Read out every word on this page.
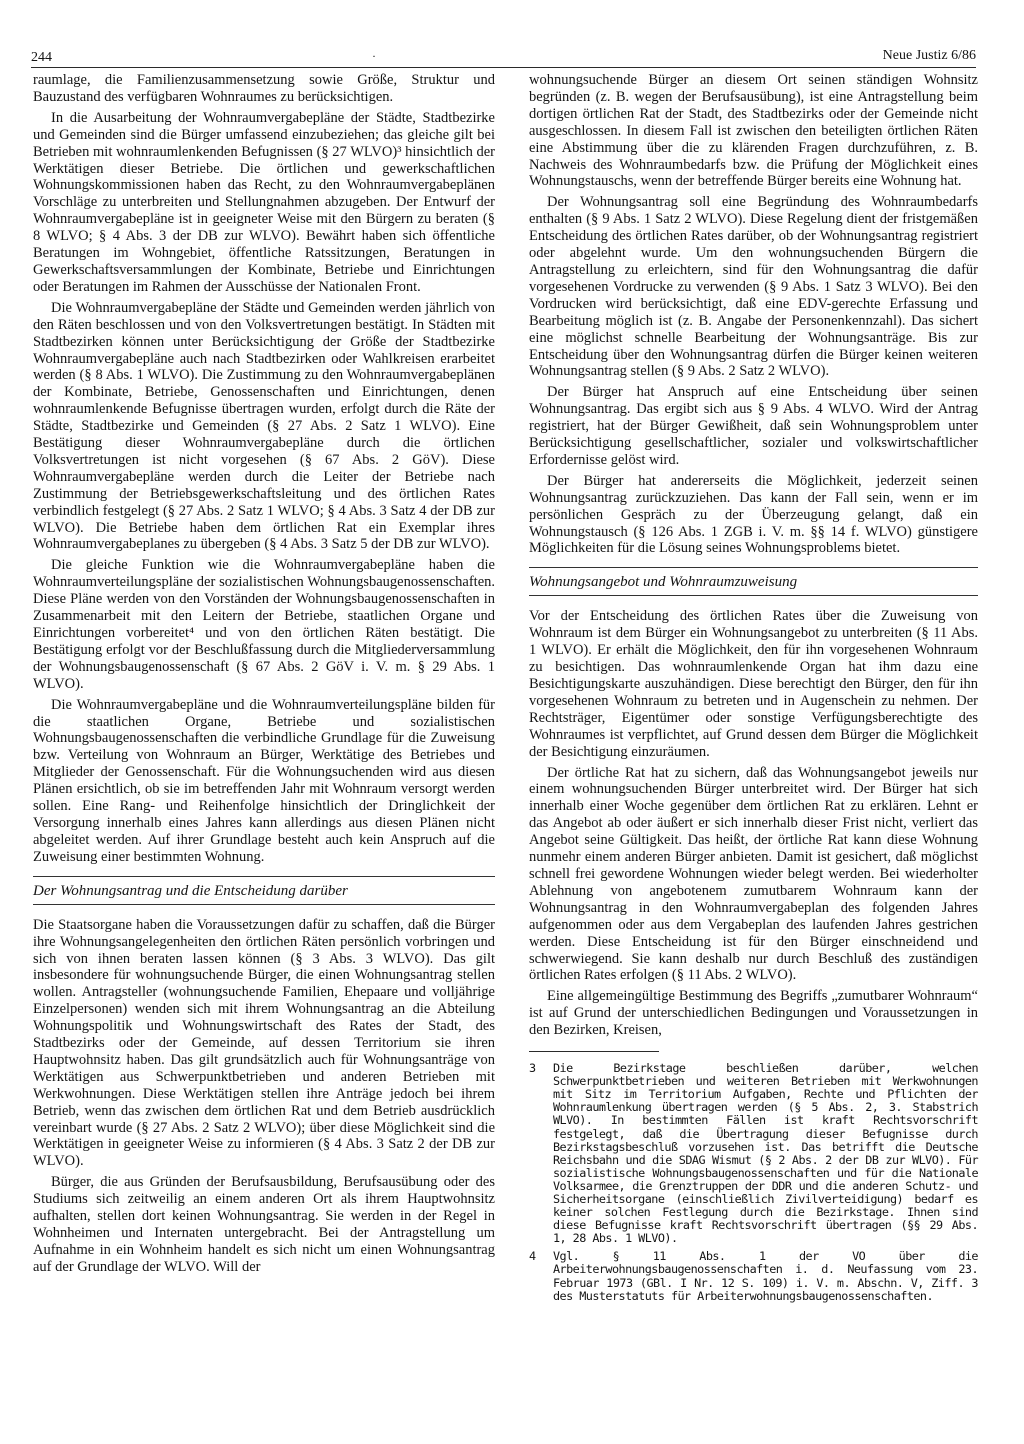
244	·	Neue Justiz 6/86

raumlage, die Familienzusammensetzung sowie Größe, Struktur und Bauzustand des verfügbaren Wohnraumes zu berücksichtigen.

In die Ausarbeitung der Wohnraumvergabepläne der Städte, Stadtbezirke und Gemeinden sind die Bürger umfassend einzubeziehen; das gleiche gilt bei Betrieben mit wohnraumlenkenden Befugnissen (§ 27 WLVO)³ hinsichtlich der Werktätigen dieser Betriebe. Die örtlichen und gewerkschaftlichen Wohnungskommissionen haben das Recht, zu den Wohnraumvergabeplänen Vorschläge zu unterbreiten und Stellungnahmen abzugeben. Der Entwurf der Wohnraumvergabepläne ist in geeigneter Weise mit den Bürgern zu beraten (§ 8 WLVO; § 4 Abs. 3 der DB zur WLVO). Bewährt haben sich öffentliche Beratungen im Wohngebiet, öffentliche Ratssitzungen, Beratungen in Gewerkschaftsversammlungen der Kombinate, Betriebe und Einrichtungen oder Beratungen im Rahmen der Ausschüsse der Nationalen Front.

Die Wohnraumvergabepläne der Städte und Gemeinden werden jährlich von den Räten beschlossen und von den Volksvertretungen bestätigt. In Städten mit Stadtbezirken können unter Berücksichtigung der Größe der Stadtbezirke Wohnraumvergabepläne auch nach Stadtbezirken oder Wahlkreisen erarbeitet werden (§ 8 Abs. 1 WLVO). Die Zustimmung zu den Wohnraumvergabeplänen der Kombinate, Betriebe, Genossenschaften und Einrichtungen, denen wohnraumlenkende Befugnisse übertragen wurden, erfolgt durch die Räte der Städte, Stadtbezirke und Gemeinden (§ 27 Abs. 2 Satz 1 WLVO). Eine Bestätigung dieser Wohnraumvergabepläne durch die örtlichen Volksvertretungen ist nicht vorgesehen (§ 67 Abs. 2 GöV). Diese Wohnraumvergabepläne werden durch die Leiter der Betriebe nach Zustimmung der Betriebsgewerkschaftsleitung und des örtlichen Rates verbindlich festgelegt (§ 27 Abs. 2 Satz 1 WLVO; § 4 Abs. 3 Satz 4 der DB zur WLVO). Die Betriebe haben dem örtlichen Rat ein Exemplar ihres Wohnraumvergabeplanes zu übergeben (§ 4 Abs. 3 Satz 5 der DB zur WLVO).

Die gleiche Funktion wie die Wohnraumvergabepläne haben die Wohnraumverteilungspläne der sozialistischen Wohnungsbaugenossenschaften. Diese Pläne werden von den Vorständen der Wohnungsbaugenossenschaften in Zusammenarbeit mit den Leitern der Betriebe, staatlichen Organe und Einrichtungen vorbereitet⁴ und von den örtlichen Räten bestätigt. Die Bestätigung erfolgt vor der Beschlußfassung durch die Mitgliederversammlung der Wohnungsbaugenossenschaft (§ 67 Abs. 2 GöV i. V. m. § 29 Abs. 1 WLVO).

Die Wohnraumvergabepläne und die Wohnraumverteilungspläne bilden für die staatlichen Organe, Betriebe und sozialistischen Wohnungsbaugenossenschaften die verbindliche Grundlage für die Zuweisung bzw. Verteilung von Wohnraum an Bürger, Werktätige des Betriebes und Mitglieder der Genossenschaft. Für die Wohnungsuchenden wird aus diesen Plänen ersichtlich, ob sie im betreffenden Jahr mit Wohnraum versorgt werden sollen. Eine Rang- und Reihenfolge hinsichtlich der Dringlichkeit der Versorgung innerhalb eines Jahres kann allerdings aus diesen Plänen nicht abgeleitet werden. Auf ihrer Grundlage besteht auch kein Anspruch auf die Zuweisung einer bestimmten Wohnung.

Der Wohnungsantrag und die Entscheidung darüber

Die Staatsorgane haben die Voraussetzungen dafür zu schaffen, daß die Bürger ihre Wohnungsangelegenheiten den örtlichen Räten persönlich vorbringen und sich von ihnen beraten lassen können (§ 3 Abs. 3 WLVO). Das gilt insbesondere für wohnungsuchende Bürger, die einen Wohnungsantrag stellen wollen. Antragsteller (wohnungsuchende Familien, Ehepaare und volljährige Einzelpersonen) wenden sich mit ihrem Wohnungsantrag an die Abteilung Wohnungspolitik und Wohnungswirtschaft des Rates der Stadt, des Stadtbezirks oder der Gemeinde, auf dessen Territorium sie ihren Hauptwohnsitz haben. Das gilt grundsätzlich auch für Wohnungsanträge von Werktätigen aus Schwerpunktbetrieben und anderen Betrieben mit Werkwohnungen. Diese Werktätigen stellen ihre Anträge jedoch bei ihrem Betrieb, wenn das zwischen dem örtlichen Rat und dem Betrieb ausdrücklich vereinbart wurde (§ 27 Abs. 2 Satz 2 WLVO); über diese Möglichkeit sind die Werktätigen in geeigneter Weise zu informieren (§ 4 Abs. 3 Satz 2 der DB zur WLVO).

Bürger, die aus Gründen der Berufsausbildung, Berufsausübung oder des Studiums sich zeitweilig an einem anderen Ort als ihrem Hauptwohnsitz aufhalten, stellen dort keinen Wohnungsantrag. Sie werden in der Regel in Wohnheimen und Internaten untergebracht. Bei der Antragstellung um Aufnahme in ein Wohnheim handelt es sich nicht um einen Wohnungsantrag auf der Grundlage der WLVO. Will der

wohnungsuchende Bürger an diesem Ort seinen ständigen Wohnsitz begründen (z. B. wegen der Berufsausübung), ist eine Antragstellung beim dortigen örtlichen Rat der Stadt, des Stadtbezirks oder der Gemeinde nicht ausgeschlossen. In diesem Fall ist zwischen den beteiligten örtlichen Räten eine Abstimmung über die zu klärenden Fragen durchzuführen, z. B. Nachweis des Wohnraumbedarfs bzw. die Prüfung der Möglichkeit eines Wohnungstauschs, wenn der betreffende Bürger bereits eine Wohnung hat.

Der Wohnungsantrag soll eine Begründung des Wohnraumbedarfs enthalten (§ 9 Abs. 1 Satz 2 WLVO). Diese Regelung dient der fristgemäßen Entscheidung des örtlichen Rates darüber, ob der Wohnungsantrag registriert oder abgelehnt wurde. Um den wohnungsuchenden Bürgern die Antragstellung zu erleichtern, sind für den Wohnungsantrag die dafür vorgesehenen Vordrucke zu verwenden (§ 9 Abs. 1 Satz 3 WLVO). Bei den Vordrucken wird berücksichtigt, daß eine EDV-gerechte Erfassung und Bearbeitung möglich ist (z. B. Angabe der Personenkennzahl). Das sichert eine möglichst schnelle Bearbeitung der Wohnungsanträge. Bis zur Entscheidung über den Wohnungsantrag dürfen die Bürger keinen weiteren Wohnungsantrag stellen (§ 9 Abs. 2 Satz 2 WLVO).

Der Bürger hat Anspruch auf eine Entscheidung über seinen Wohnungsantrag. Das ergibt sich aus § 9 Abs. 4 WLVO. Wird der Antrag registriert, hat der Bürger Gewißheit, daß sein Wohnungsproblem unter Berücksichtigung gesellschaftlicher, sozialer und volkswirtschaftlicher Erfordernisse gelöst wird.

Der Bürger hat andererseits die Möglichkeit, jederzeit seinen Wohnungsantrag zurückzuziehen. Das kann der Fall sein, wenn er im persönlichen Gespräch zu der Überzeugung gelangt, daß ein Wohnungstausch (§ 126 Abs. 1 ZGB i. V. m. §§ 14 f. WLVO) günstigere Möglichkeiten für die Lösung seines Wohnungsproblems bietet.

Wohnungsangebot und Wohnraumzuweisung

Vor der Entscheidung des örtlichen Rates über die Zuweisung von Wohnraum ist dem Bürger ein Wohnungsangebot zu unterbreiten (§ 11 Abs. 1 WLVO). Er erhält die Möglichkeit, den für ihn vorgesehenen Wohnraum zu besichtigen. Das wohnraumlenkende Organ hat ihm dazu eine Besichtigungskarte auszuhändigen. Diese berechtigt den Bürger, den für ihn vorgesehenen Wohnraum zu betreten und in Augenschein zu nehmen. Der Rechtsträger, Eigentümer oder sonstige Verfügungsberechtigte des Wohnraumes ist verpflichtet, auf Grund dessen dem Bürger die Möglichkeit der Besichtigung einzuräumen.

Der örtliche Rat hat zu sichern, daß das Wohnungsangebot jeweils nur einem wohnungsuchenden Bürger unterbreitet wird. Der Bürger hat sich innerhalb einer Woche gegenüber dem örtlichen Rat zu erklären. Lehnt er das Angebot ab oder äußert er sich innerhalb dieser Frist nicht, verliert das Angebot seine Gültigkeit. Das heißt, der örtliche Rat kann diese Wohnung nunmehr einem anderen Bürger anbieten. Damit ist gesichert, daß möglichst schnell frei gewordene Wohnungen wieder belegt werden. Bei wiederholter Ablehnung von angebotenem zumutbarem Wohnraum kann der Wohnungsantrag in den Wohnraumvergabeplan des folgenden Jahres aufgenommen oder aus dem Vergabeplan des laufenden Jahres gestrichen werden. Diese Entscheidung ist für den Bürger einschneidend und schwerwiegend. Sie kann deshalb nur durch Beschluß des zuständigen örtlichen Rates erfolgen (§ 11 Abs. 2 WLVO).

Eine allgemeingültige Bestimmung des Begriffs „zumutbarer Wohnraum“ ist auf Grund der unterschiedlichen Bedingungen und Voraussetzungen in den Bezirken, Kreisen,

3	Die Bezirkstage beschließen darüber, welchen Schwerpunktbetrieben und weiteren Betrieben mit Werkwohnungen mit Sitz im Territorium Aufgaben, Rechte und Pflichten der Wohnraumlenkung übertragen werden (§ 5 Abs. 2, 3. Stabstrich WLVO). In bestimmten Fällen ist kraft Rechtsvorschrift festgelegt, daß die Übertragung dieser Befugnisse durch Bezirkstagsbeschluß vorzusehen ist. Das betrifft die Deutsche Reichsbahn und die SDAG Wismut (§ 2 Abs. 2 der DB zur WLVO). Für sozialistische Wohnungsbaugenossenschaften und für die Nationale Volksarmee, die Grenztruppen der DDR und die anderen Schutz- und Sicherheitsorgane (einschließlich Zivilverteidigung) bedarf es keiner solchen Festlegung durch die Bezirkstage. Ihnen sind diese Befugnisse kraft Rechtsvorschrift übertragen (§§ 29 Abs. 1, 28 Abs. 1 WLVO).
4	Vgl. § 11 Abs. 1 der VO über die Arbeiterwohnungsbaugenossenschaften i. d. Neufassung vom 23. Februar 1973 (GBl. I Nr. 12 S. 109) i. V. m. Abschn. V, Ziff. 3 des Musterstatuts für Arbeiterwohnungsbaugenossenschaften.
